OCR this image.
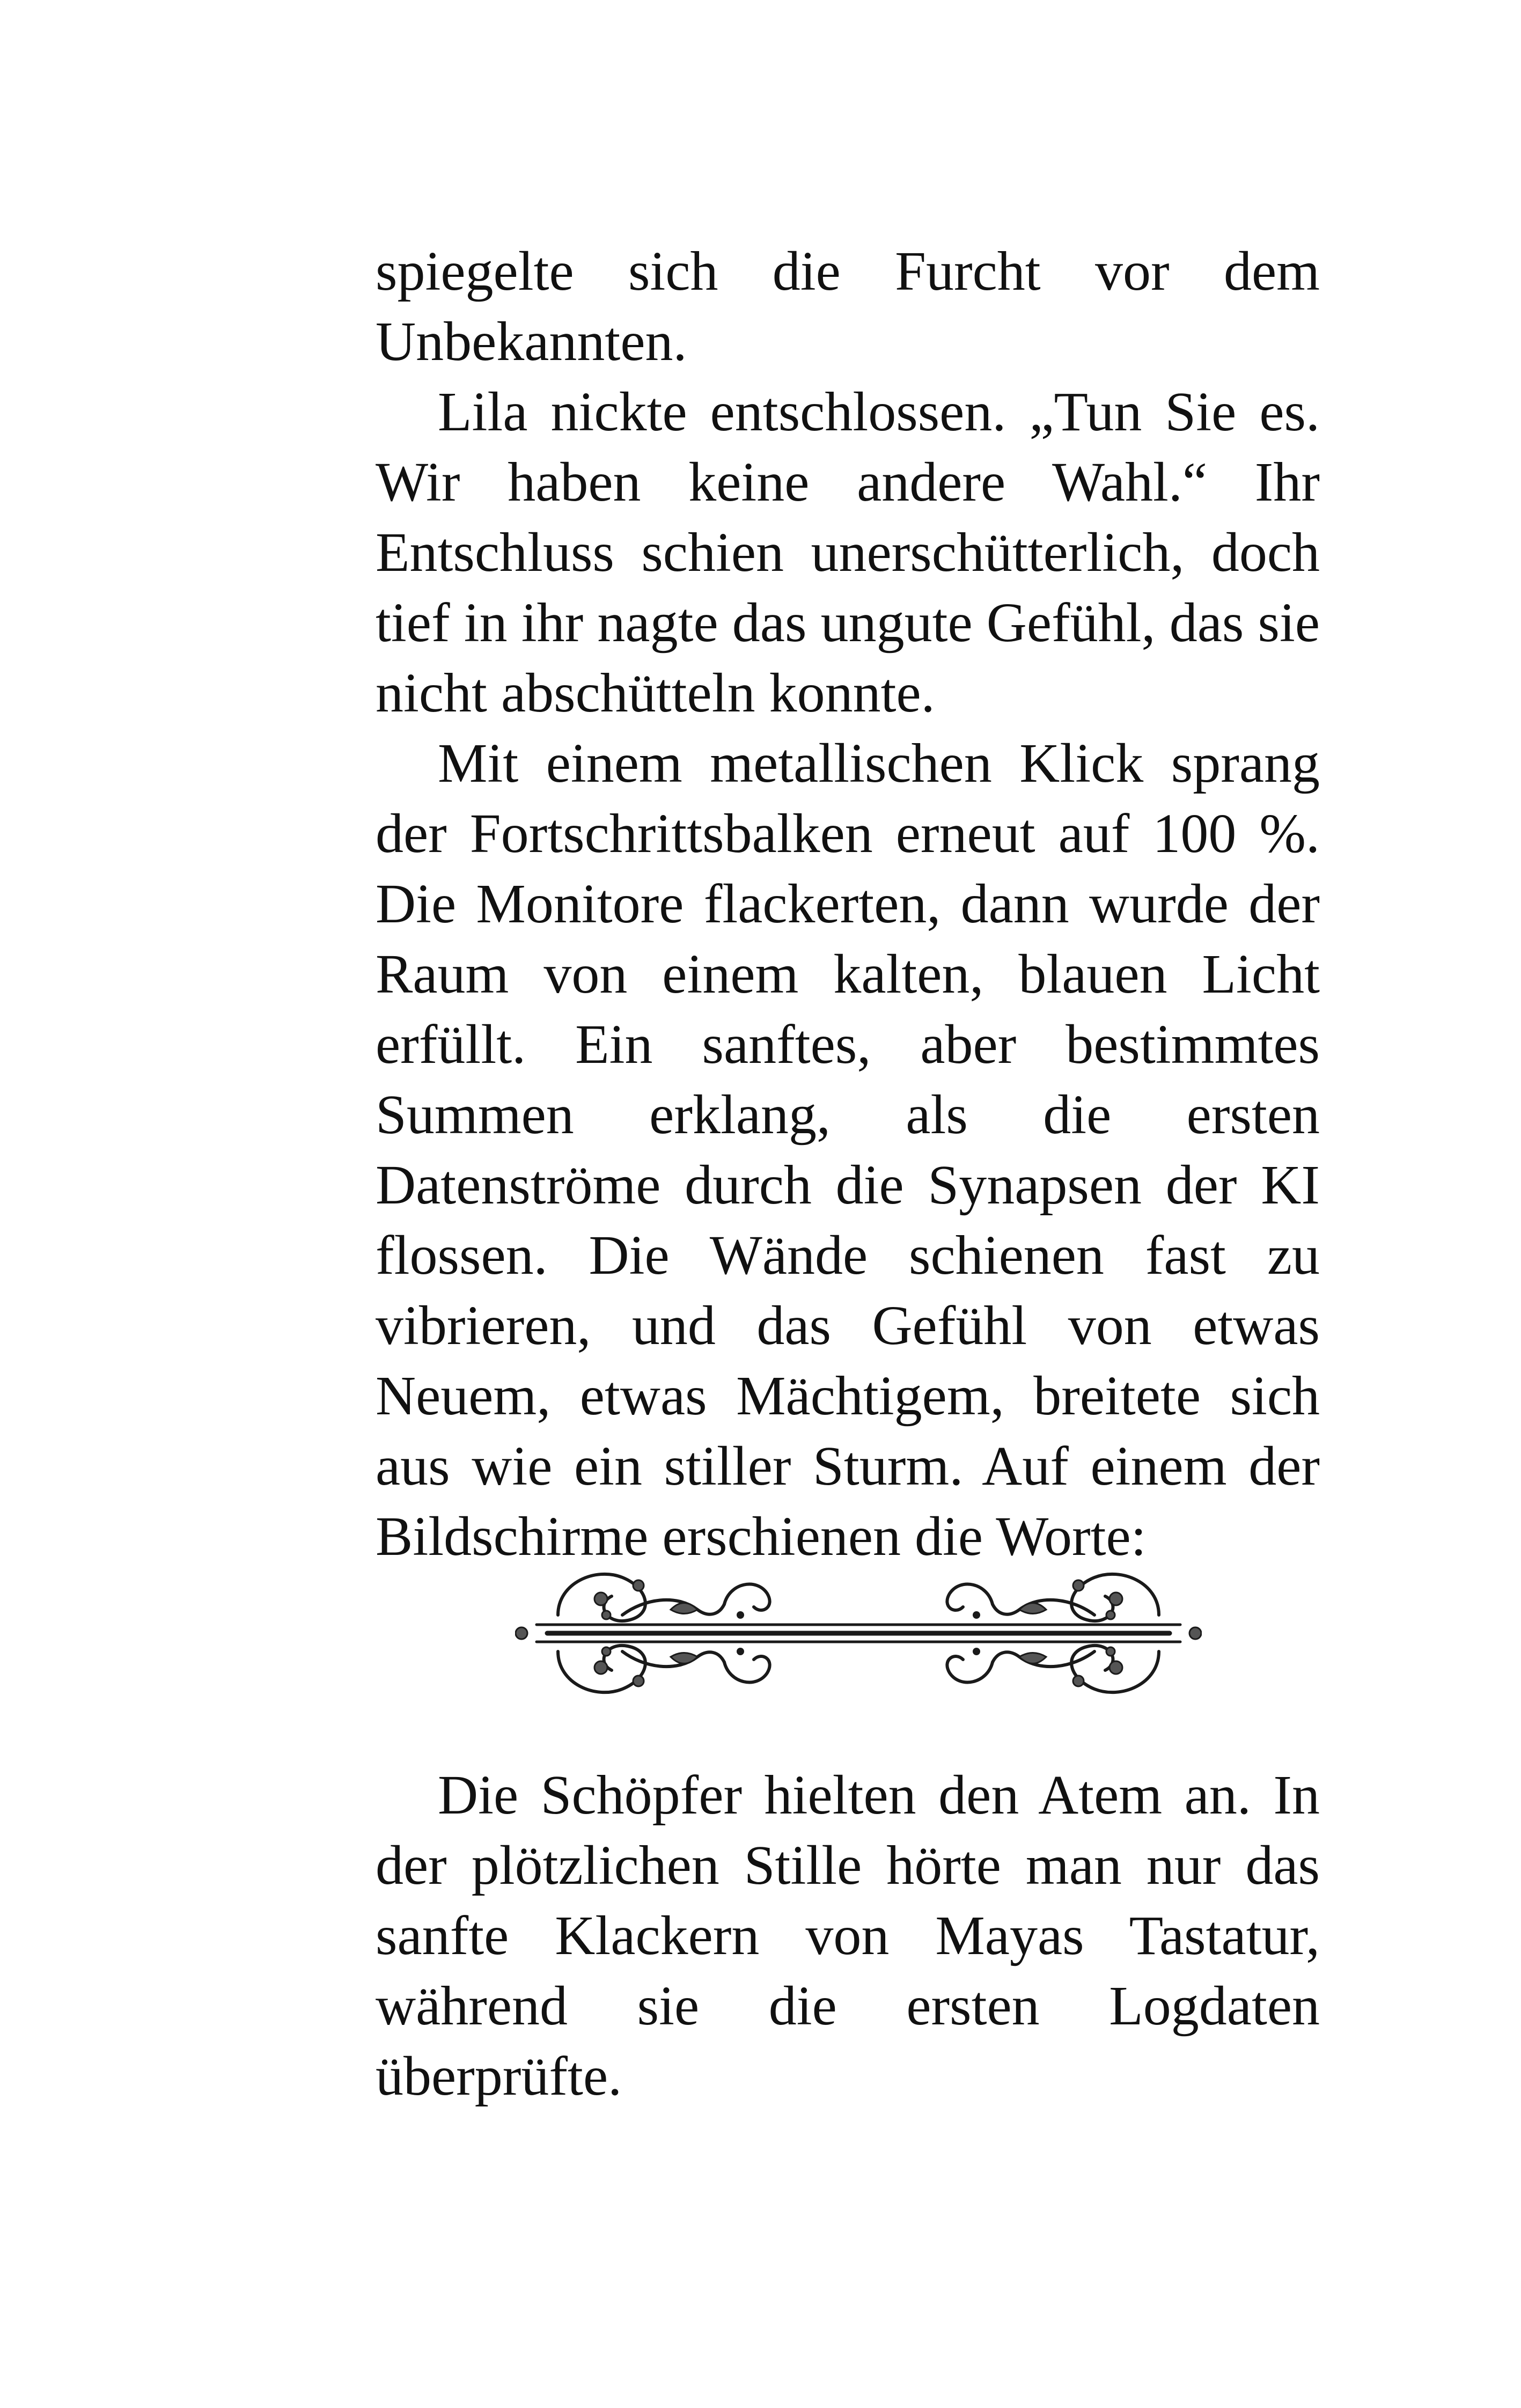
spiegelte sich die Furcht vor dem Unbekannten.

Lila nickte entschlossen. „Tun Sie es. Wir haben keine andere Wahl.“ Ihr Entschluss schien unerschütterlich, doch tief in ihr nagte das ungute Gefühl, das sie nicht abschütteln konnte.

Mit einem metallischen Klick sprang der Fortschrittsbalken erneut auf 100 %. Die Monitore flackerten, dann wurde der Raum von einem kalten, blauen Licht erfüllt. Ein sanftes, aber bestimmtes Summen erklang, als die ersten Datenströme durch die Synapsen der KI flossen. Die Wände schienen fast zu vibrieren, und das Gefühl von etwas Neuem, etwas Mächtigem, breitete sich aus wie ein stiller Sturm. Auf einem der Bildschirme erschienen die Worte:

Die Schöpfer hielten den Atem an. In der plötzlichen Stille hörte man nur das sanfte Klackern von Mayas Tastatur, während sie die ersten Logdaten überprüfte.
